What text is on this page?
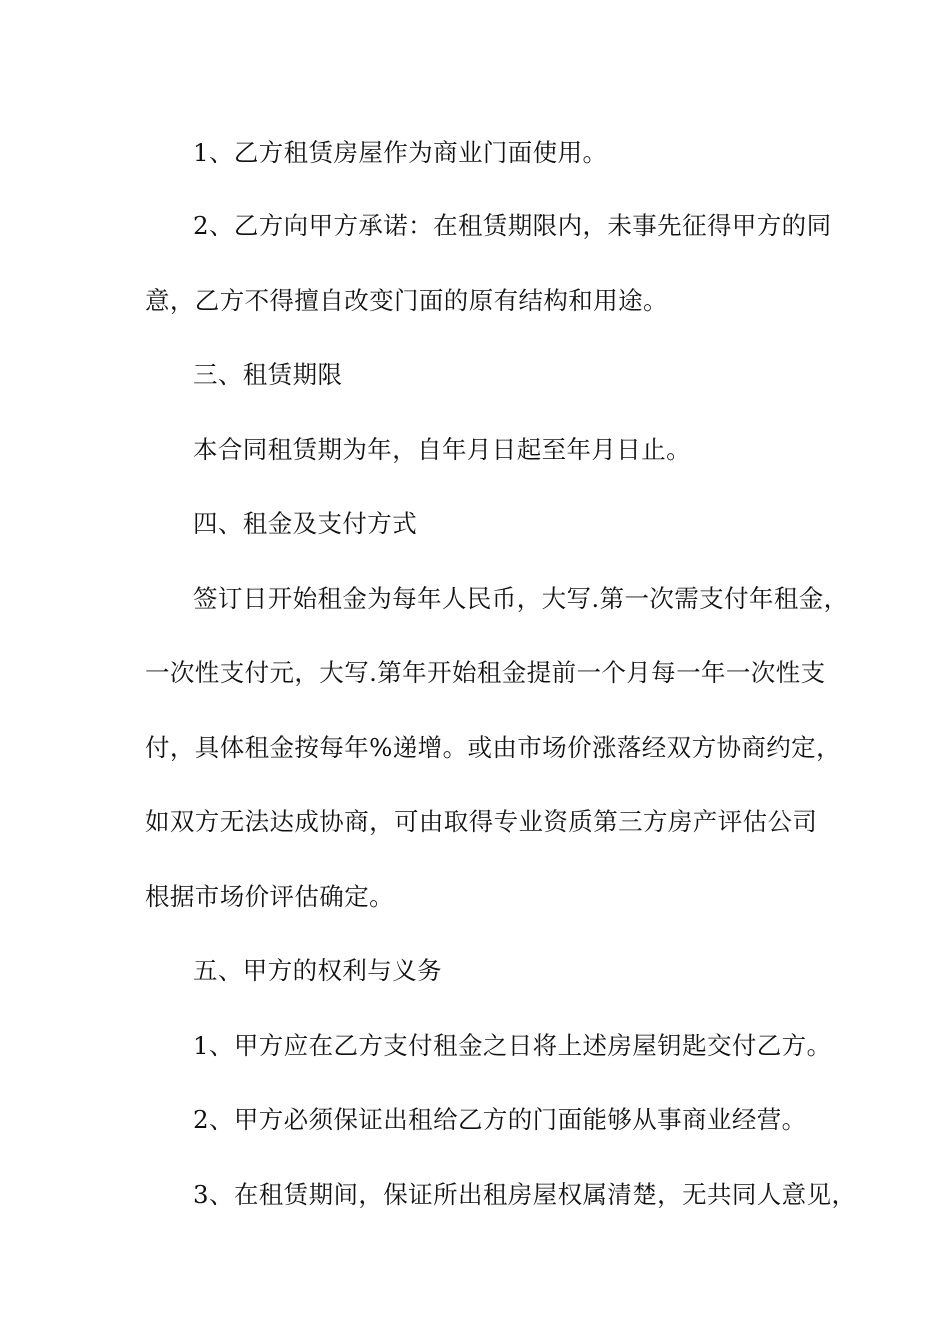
1、乙方租赁房屋作为商业门面使用。
2、乙方向甲方承诺：在租赁期限内，未事先征得甲方的同
意，乙方不得擅自改变门面的原有结构和用途。
三、租赁期限
本合同租赁期为年，自年月日起至年月日止。
四、租金及支付方式
签订日开始租金为每年人民币，大写.第一次需支付年租金，
一次性支付元，大写.第年开始租金提前一个月每一年一次性支
付，具体租金按每年%递增。或由市场价涨落经双方协商约定，
如双方无法达成协商，可由取得专业资质第三方房产评估公司
根据市场价评估确定。
五、甲方的权利与义务
1、甲方应在乙方支付租金之日将上述房屋钥匙交付乙方。
2、甲方必须保证出租给乙方的门面能够从事商业经营。
3、在租赁期间，保证所出租房屋权属清楚，无共同人意见，
